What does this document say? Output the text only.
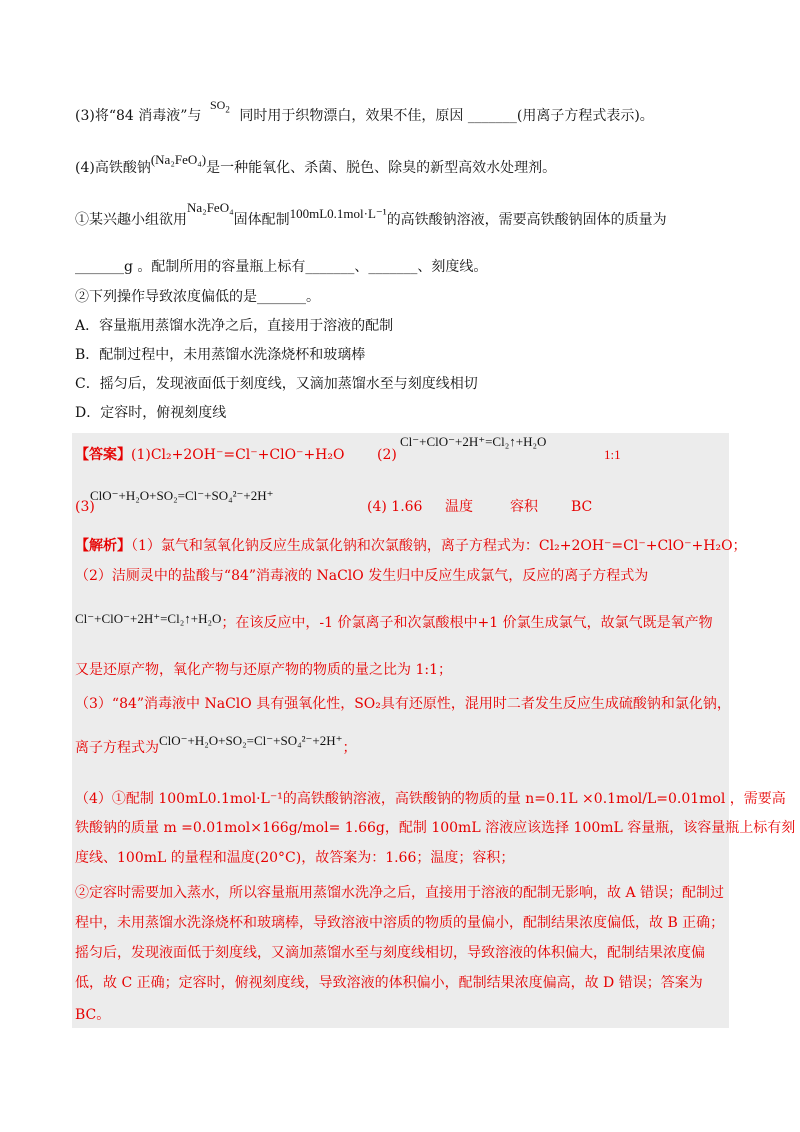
$SO_2$
(3)将“84 消毒液”与	同时用于织物漂白，效果不佳，原因 _______(用离子方程式表示)。
(4)高铁酸钠(Na₂FeO₄)是一种能氧化、杀菌、脱色、除臭的新型高效水处理剂。
①某兴趣小组欲用Na₂FeO₄固体配制100mL0.1mol·L⁻¹的高铁酸钠溶液，需要高铁酸钠固体的质量为
_______g 。配制所用的容量瓶上标有_______、_______、刻度线。
②下列操作导致浓度偏低的是_______。
A．容量瓶用蒸馏水洗净之后，直接用于溶液的配制
B．配制过程中，未用蒸馏水洗涤烧杯和玻璃棒
C．摇匀后，发现液面低于刻度线，又滴加蒸馏水至与刻度线相切
D．定容时，俯视刻度线
【答案】(1)Cl₂+2OH⁻=Cl⁻+ClO⁻+H₂O (2)
Cl⁻+ClO⁻+2H⁺=Cl₂↑+H₂O
1:1
ClO⁻+H₂O+SO₂=Cl⁻+SO₄²⁻+2H⁺
(3)	(4) 1.66 温度	容积 BC
【解析】（1）氯气和氢氧化钠反应生成氯化钠和次氯酸钠，离子方程式为：Cl₂+2OH⁻=Cl⁻+ClO⁻+H₂O；
（2）洁厕灵中的盐酸与“84”消毒液的 NaClO 发生归中反应生成氯气，反应的离子方程式为
Cl⁻+ClO⁻+2H⁺=Cl₂↑+H₂O；在该反应中，-1 价氯离子和次氯酸根中+1 价氯生成氯气，故氯气既是氧产物
又是还原产物，氧化产物与还原产物的物质的量之比为 1:1；
（3）“84”消毒液中 NaClO 具有强氧化性，SO₂具有还原性，混用时二者发生反应生成硫酸钠和氯化钠，
离子方程式为ClO⁻+H₂O+SO₂=Cl⁻+SO₄²⁻+2H⁺；
（4）①配制 100mL0.1mol·L⁻¹的高铁酸钠溶液，高铁酸钠的物质的量 n=0.1L ×0.1mol/L=0.01mol ，需要高
铁酸钠的质量 m =0.01mol×166g/mol= 1.66g，配制 100mL 溶液应该选择 100mL 容量瓶，该容量瓶上标有刻
度线、100mL 的量程和温度(20°C)，故答案为：1.66；温度；容积；
②定容时需要加入蒸水，所以容量瓶用蒸馏水洗净之后，直接用于溶液的配制无影响，故 A 错误；配制过
程中，未用蒸馏水洗涤烧杯和玻璃棒，导致溶液中溶质的物质的量偏小，配制结果浓度偏低，故 B 正确；
摇匀后，发现液面低于刻度线，又滴加蒸馏水至与刻度线相切，导致溶液的体积偏大，配制结果浓度偏
低，故 C 正确；定容时，俯视刻度线，导致溶液的体积偏小，配制结果浓度偏高，故 D 错误；答案为
BC。
